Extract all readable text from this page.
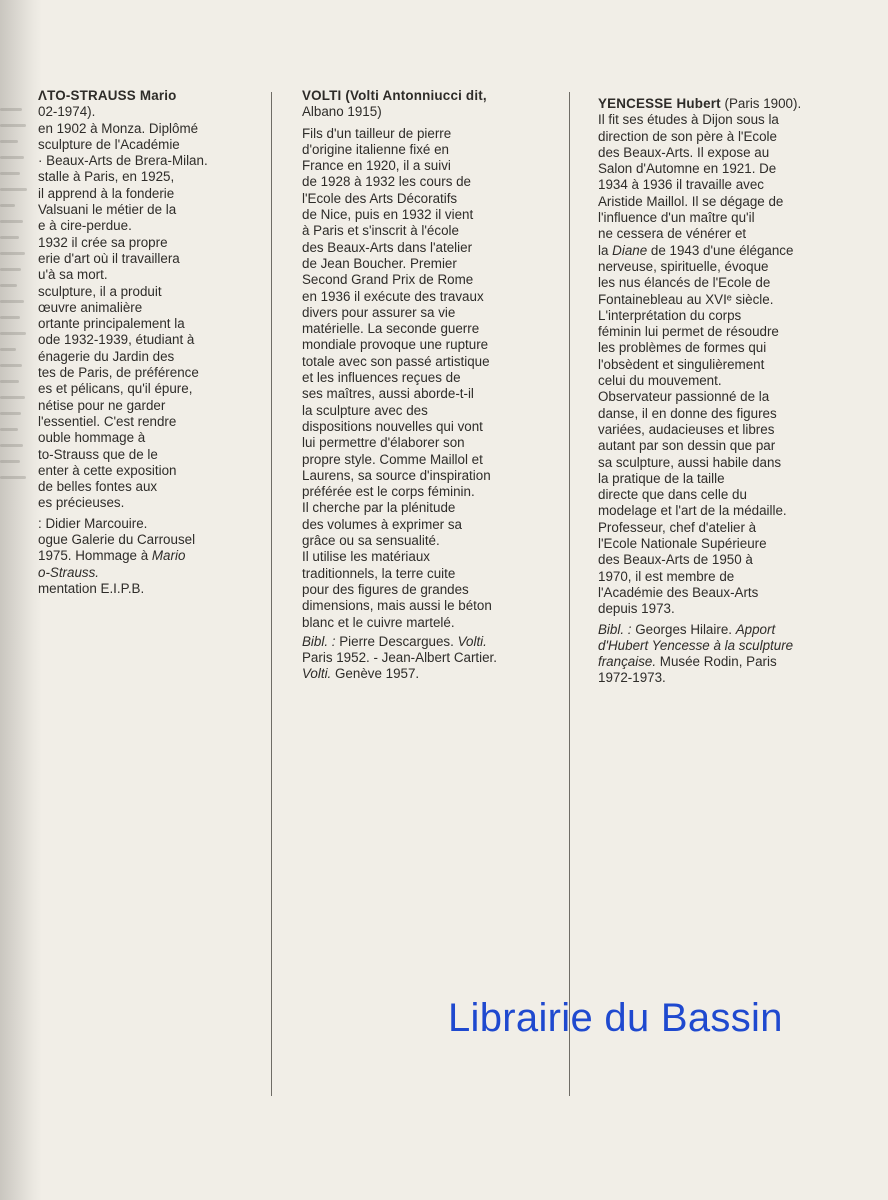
ɅTO-STRAUSS Mario
02-1974).
en 1902 à Monza. Diplômé
sculpture de l'Académie
· Beaux-Arts de Brera-Milan.
stalle à Paris, en 1925,
il apprend à la fonderie
Valsuani le métier de la
e à cire-perdue.
1932 il crée sa propre
erie d'art où il travaillera
u'à sa mort.
sculpture, il a produit
œuvre animalière
ortante principalement la
ode 1932-1939, étudiant à
énagerie du Jardin des
tes de Paris, de préférence
es et pélicans, qu'il épure,
nétise pour ne garder
l'essentiel. C'est rendre
ouble hommage à
to-Strauss que de le
enter à cette exposition
de belles fontes aux
es précieuses.
: Didier Marcouire.
ogue Galerie du Carrousel
1975. Hommage à Mario
o-Strauss.
mentation E.I.P.B.
VOLTI (Volti Antonniucci dit,
Albano 1915)
Fils d'un tailleur de pierre
d'origine italienne fixé en
France en 1920, il a suivi
de 1928 à 1932 les cours de
l'Ecole des Arts Décoratifs
de Nice, puis en 1932 il vient
à Paris et s'inscrit à l'école
des Beaux-Arts dans l'atelier
de Jean Boucher. Premier
Second Grand Prix de Rome
en 1936 il exécute des travaux
divers pour assurer sa vie
matérielle. La seconde guerre
mondiale provoque une rupture
totale avec son passé artistique
et les influences reçues de
ses maîtres, aussi aborde-t-il
la sculpture avec des
dispositions nouvelles qui vont
lui permettre d'élaborer son
propre style. Comme Maillol et
Laurens, sa source d'inspiration
préférée est le corps féminin.
Il cherche par la plénitude
des volumes à exprimer sa
grâce ou sa sensualité.
Il utilise les matériaux
traditionnels, la terre cuite
pour des figures de grandes
dimensions, mais aussi le béton
blanc et le cuivre martelé.
Bibl. : Pierre Descargues. Volti.
Paris 1952. - Jean-Albert Cartier.
Volti. Genève 1957.
YENCESSE Hubert (Paris 1900).
Il fit ses études à Dijon sous la
direction de son père à l'Ecole
des Beaux-Arts. Il expose au
Salon d'Automne en 1921. De
1934 à 1936 il travaille avec
Aristide Maillol. Il se dégage de
l'influence d'un maître qu'il
ne cessera de vénérer et
la Diane de 1943 d'une élégance
nerveuse, spirituelle, évoque
les nus élancés de l'Ecole de
Fontainebleau au XVIᵉ siècle.
L'interprétation du corps
féminin lui permet de résoudre
les problèmes de formes qui
l'obsèdent et singulièrement
celui du mouvement.
Observateur passionné de la
danse, il en donne des figures
variées, audacieuses et libres
autant par son dessin que par
sa sculpture, aussi habile dans
la pratique de la taille
directe que dans celle du
modelage et l'art de la médaille.
Professeur, chef d'atelier à
l'Ecole Nationale Supérieure
des Beaux-Arts de 1950 à
1970, il est membre de
l'Académie des Beaux-Arts
depuis 1973.
Bibl. : Georges Hilaire. Apport
d'Hubert Yencesse à la sculpture
française. Musée Rodin, Paris
1972-1973.
Librairie du Bassin
